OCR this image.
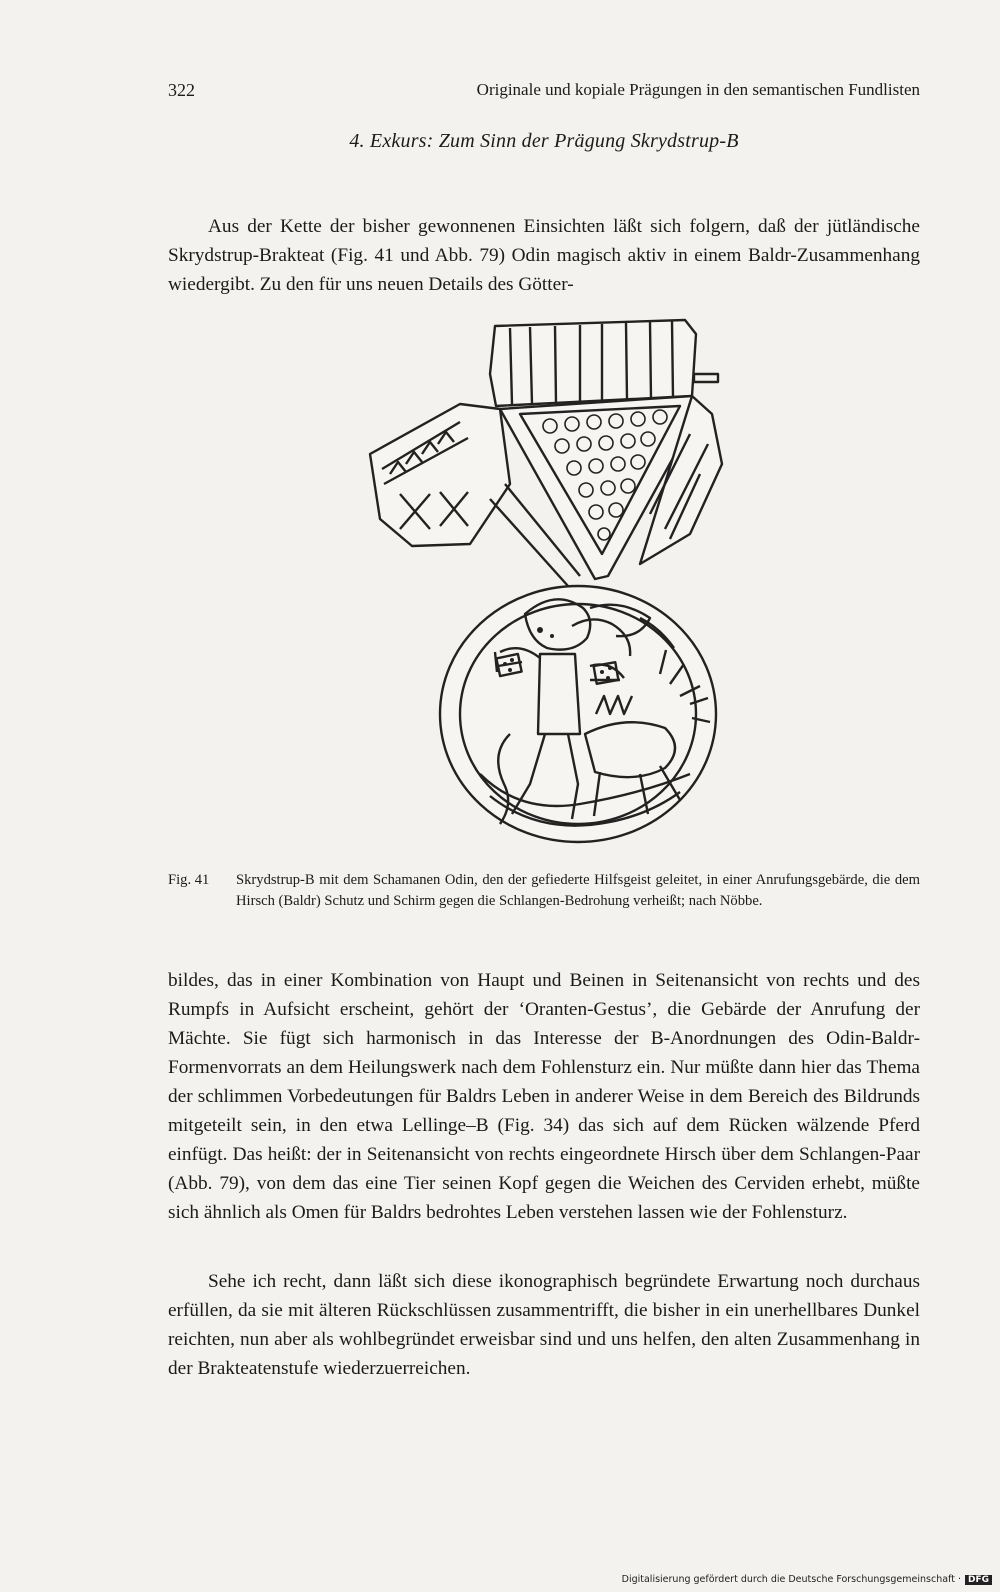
322	Originale und kopiale Prägungen in den semantischen Fundlisten
4. Exkurs: Zum Sinn der Prägung Skrydstrup-B

Aus der Kette der bisher gewonnenen Einsichten läßt sich folgern, daß der jütländische Skrydstrup-Brakteat (Fig. 41 und Abb. 79) Odin magisch aktiv in einem Baldr-Zusammenhang wiedergibt. Zu den für uns neuen Details des Götter-

Fig. 41 Skrydstrup-B mit dem Schamanen Odin, den der gefiederte Hilfsgeist geleitet, in einer Anrufungsgebärde, die dem Hirsch (Baldr) Schutz und Schirm gegen die Schlangen-Bedrohung verheißt; nach Nöbbe.

bildes, das in einer Kombination von Haupt und Beinen in Seitenansicht von rechts und des Rumpfs in Aufsicht erscheint, gehört der ‘Oranten-Gestus’, die Gebärde der Anrufung der Mächte. Sie fügt sich harmonisch in das Interesse der B-Anordnungen des Odin-Baldr-Formenvorrats an dem Heilungswerk nach dem Fohlensturz ein. Nur müßte dann hier das Thema der schlimmen Vorbedeutungen für Baldrs Leben in anderer Weise in dem Bereich des Bildrunds mitgeteilt sein, in den etwa Lellinge–B (Fig. 34) das sich auf dem Rücken wälzende Pferd einfügt. Das heißt: der in Seitenansicht von rechts eingeordnete Hirsch über dem Schlangen-Paar (Abb. 79), von dem das eine Tier seinen Kopf gegen die Weichen des Cerviden erhebt, müßte sich ähnlich als Omen für Baldrs bedrohtes Leben verstehen lassen wie der Fohlensturz.

Sehe ich recht, dann läßt sich diese ikonographisch begründete Erwartung noch durchaus erfüllen, da sie mit älteren Rückschlüssen zusammentrifft, die bisher in ein unerhellbares Dunkel reichten, nun aber als wohlbegründet erweisbar sind und uns helfen, den alten Zusammenhang in der Brakteatenstufe wiederzuerreichen.

Digitalisierung gefördert durch die Deutsche Forschungsgemeinschaft · DFG
